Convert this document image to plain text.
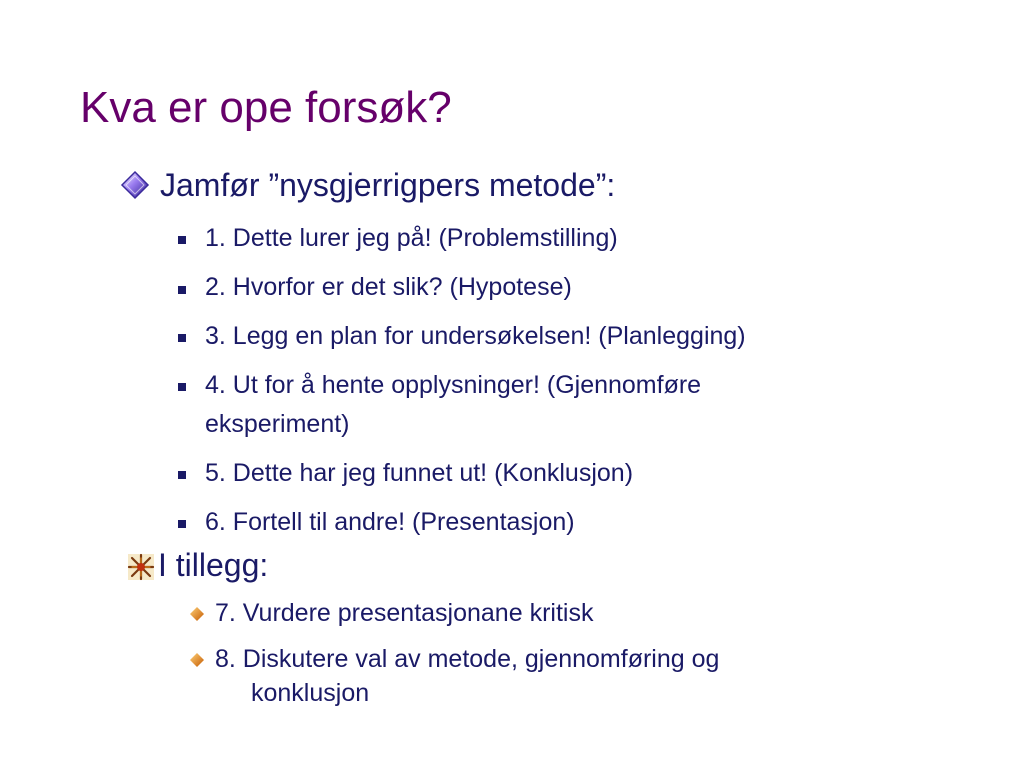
Kva er ope forsøk?
Jamfør ”nysgjerrigpers metode”:
1. Dette lurer jeg på! (Problemstilling)
2. Hvorfor er det slik? (Hypotese)
3. Legg en plan for undersøkelsen! (Planlegging)
4. Ut for å hente opplysninger! (Gjennomføre
eksperiment)
5. Dette har jeg funnet ut! (Konklusjon)
6. Fortell til andre! (Presentasjon)
I tillegg:
7. Vurdere presentasjonane kritisk
8. Diskutere val av metode, gjennomføring og
konklusjon
